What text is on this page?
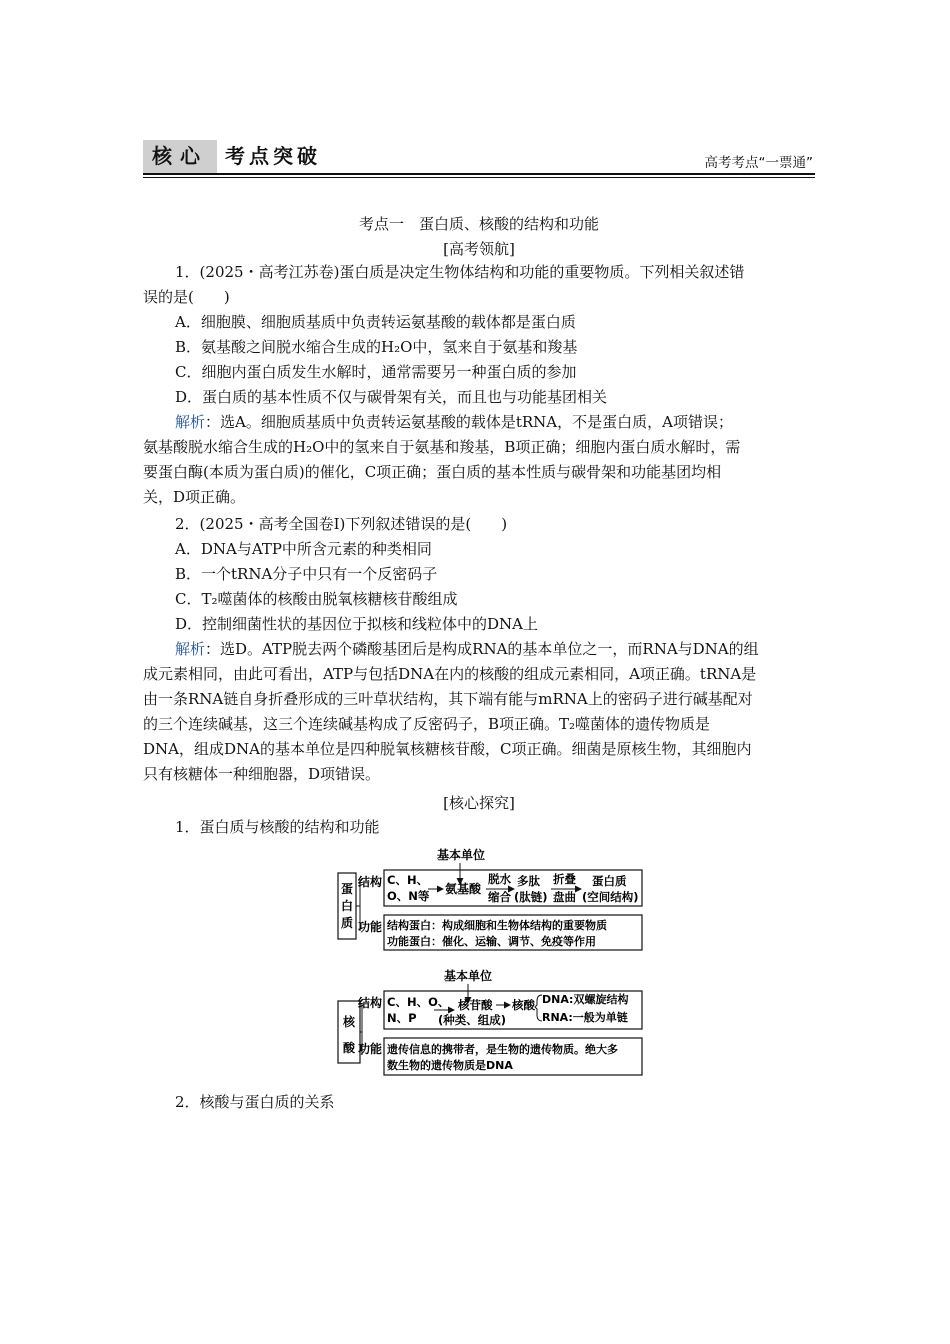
核心 考点突破	高考考点“一票通”
考点一　蛋白质、核酸的结构和功能
[高考领航]

1．(2025・高考江苏卷)蛋白质是决定生物体结构和功能的重要物质。下列相关叙述错

误的是(　　)

A．细胞膜、细胞质基质中负责转运氨基酸的载体都是蛋白质

B．氨基酸之间脱水缩合生成的H₂O中，氢来自于氨基和羧基

C．细胞内蛋白质发生水解时，通常需要另一种蛋白质的参加

D．蛋白质的基本性质不仅与碳骨架有关，而且也与功能基团相关

解析：选A。细胞质基质中负责转运氨基酸的载体是tRNA，不是蛋白质，A项错误；

氨基酸脱水缩合生成的H₂O中的氢来自于氨基和羧基，B项正确；细胞内蛋白质水解时，需

要蛋白酶(本质为蛋白质)的催化，C项正确；蛋白质的基本性质与碳骨架和功能基团均相

关，D项正确。

2．(2025・高考全国卷Ⅰ)下列叙述错误的是(　　)

A．DNA与ATP中所含元素的种类相同

B．一个tRNA分子中只有一个反密码子

C．T₂噬菌体的核酸由脱氧核糖核苷酸组成

D．控制细菌性状的基因位于拟核和线粒体中的DNA上

解析：选D。ATP脱去两个磷酸基团后是构成RNA的基本单位之一，而RNA与DNA的组

成元素相同，由此可看出，ATP与包括DNA在内的核酸的组成元素相同，A项正确。tRNA是

由一条RNA链自身折叠形成的三叶草状结构，其下端有能与mRNA上的密码子进行碱基配对

的三个连续碱基，这三个连续碱基构成了反密码子，B项正确。T₂噬菌体的遗传物质是

DNA，组成DNA的基本单位是四种脱氧核糖核苷酸，C项正确。细菌是原核生物，其细胞内

只有核糖体一种细胞器，D项错误。

[核心探究]

1．蛋白质与核酸的结构和功能

基本单位
蛋
白
质
结构
功能
C、H、
O、N等 氨基酸
脱水
缩合
多肽
(肽链)
折叠
盘曲
蛋白质
(空间结构)
结构蛋白：构成细胞和生物体结构的重要物质
功能蛋白：催化、运输、调节、免疫等作用
基本单位
核
酸
结构
功能
C、H、O、
N、P
核苷酸
(种类、组成)
核酸 DNA:双螺旋结构
RNA:一般为单链
遗传信息的携带者，是生物的遗传物质。绝大多
数生物的遗传物质是DNA

2．核酸与蛋白质的关系
